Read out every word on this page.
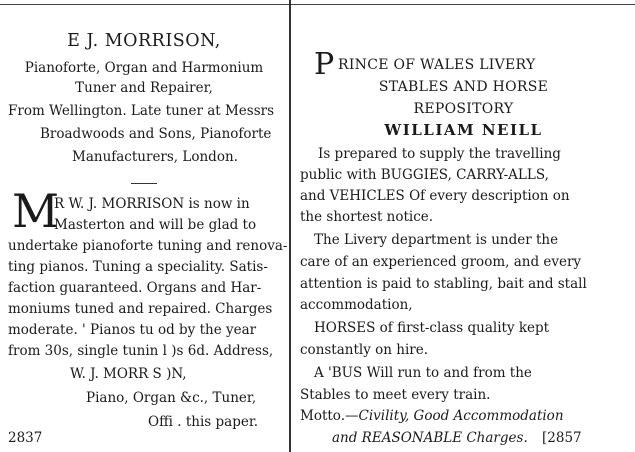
E J. MORRISON,
Pianoforte, Organ and Harmonium
Tuner and Repairer,
From Wellington. Late tuner at Messrs
Broadwoods and Sons, Pianoforte
Manufacturers, London.
M
R W. J. MORRISON is now in
Masterton and will be glad to
undertake pianoforte tuning and renova-
ting pianos. Tuning a speciality. Satis-
faction guaranteed. Organs and Har-
moniums tuned and repaired. Charges
moderate. ' Pianos tu od by the year
from 30s, single tunin l )s 6d. Address,
W. J. MORR S )N,
Piano, Organ &c., Tuner,
Offi . this paper.
2837
P RINCE OF WALES LIVERY
STABLES AND HORSE
REPOSITORY
WILLIAM NEILL
Is prepared to supply the travelling
public with BUGGIES, CARRY-ALLS,
and VEHICLES Of every description on
the shortest notice.
The Livery department is under the
care of an experienced groom, and every
attention is paid to stabling, bait and stall
accommodation,
HORSES of first-class quality kept
constantly on hire.
A 'BUS Will run to and from the
Stables to meet every train.
Motto.—Civility, Good Accommodation
and REASONABLE Charges. [2857
